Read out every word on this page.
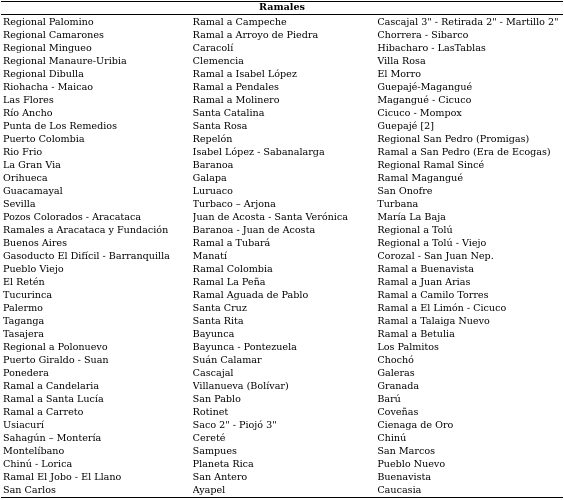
Ramales
Regional Palomino
Regional Camarones
Regional Mingueo
Regional Manaure-Uribia
Regional Dibulla
Riohacha - Maicao
Las Flores
Río Ancho
Punta de Los Remedios
Puerto Colombia
Rio Frio
La Gran Via
Orihueca
Guacamayal
Sevilla
Pozos Colorados - Aracataca
Ramales a Aracataca y Fundación
Buenos Aires
Gasoducto El Difícil - Barranquilla
Pueblo Viejo
El Retén
Tucurinca
Palermo
Taganga
Tasajera
Regional a Polonuevo
Puerto Giraldo - Suan
Ponedera
Ramal a Candelaria
Ramal a Santa Lucía
Ramal a Carreto
Usiacurí
Sahagún – Montería
Montelíbano
Chinú - Lorica
Ramal El Jobo - El Llano
San Carlos
Ramal a Campeche
Ramal a Arroyo de Piedra
Caracolí
Clemencia
Ramal a Isabel López
Ramal a Pendales
Ramal a Molinero
Santa Catalina
Santa Rosa
Repelón
Isabel López - Sabanalarga
Baranoa
Galapa
Luruaco
Turbaco – Arjona
Juan de Acosta - Santa Verónica
Baranoa - Juan de Acosta
Ramal a Tubará
Manatí
Ramal Colombia
Ramal La Peña
Ramal Aguada de Pablo
Santa Cruz
Santa Rita
Bayunca
Bayunca - Pontezuela
Suán Calamar
Cascajal
Villanueva (Bolívar)
San Pablo
Rotinet
Saco 2" - Piojó 3"
Cereté
Sampues
Planeta Rica
San Antero
Ayapel
Cascajal 3" - Retirada 2" - Martillo 2"
Chorrera - Sibarco
Hibacharo - LasTablas
Villa Rosa
El Morro
Guepajé-Magangué
Magangué - Cicuco
Cicuco - Mompox
Guepajé [2]
Regional San Pedro (Promigas)
Ramal a San Pedro (Era de Ecogas)
Regional Ramal Sincé
Ramal Magangué
San Onofre
Turbana
María La Baja
Regional a Tolú
Regional a Tolú - Viejo
Corozal - San Juan Nep.
Ramal a Buenavista
Ramal a Juan Arias
Ramal a Camilo Torres
Ramal a El Limón - Cicuco
Ramal a Talaiga Nuevo
Ramal a Betulia
Los Palmitos
Chochó
Galeras
Granada
Barú
Coveñas
Cienaga de Oro
Chinú
San Marcos
Pueblo Nuevo
Buenavista
Caucasia
